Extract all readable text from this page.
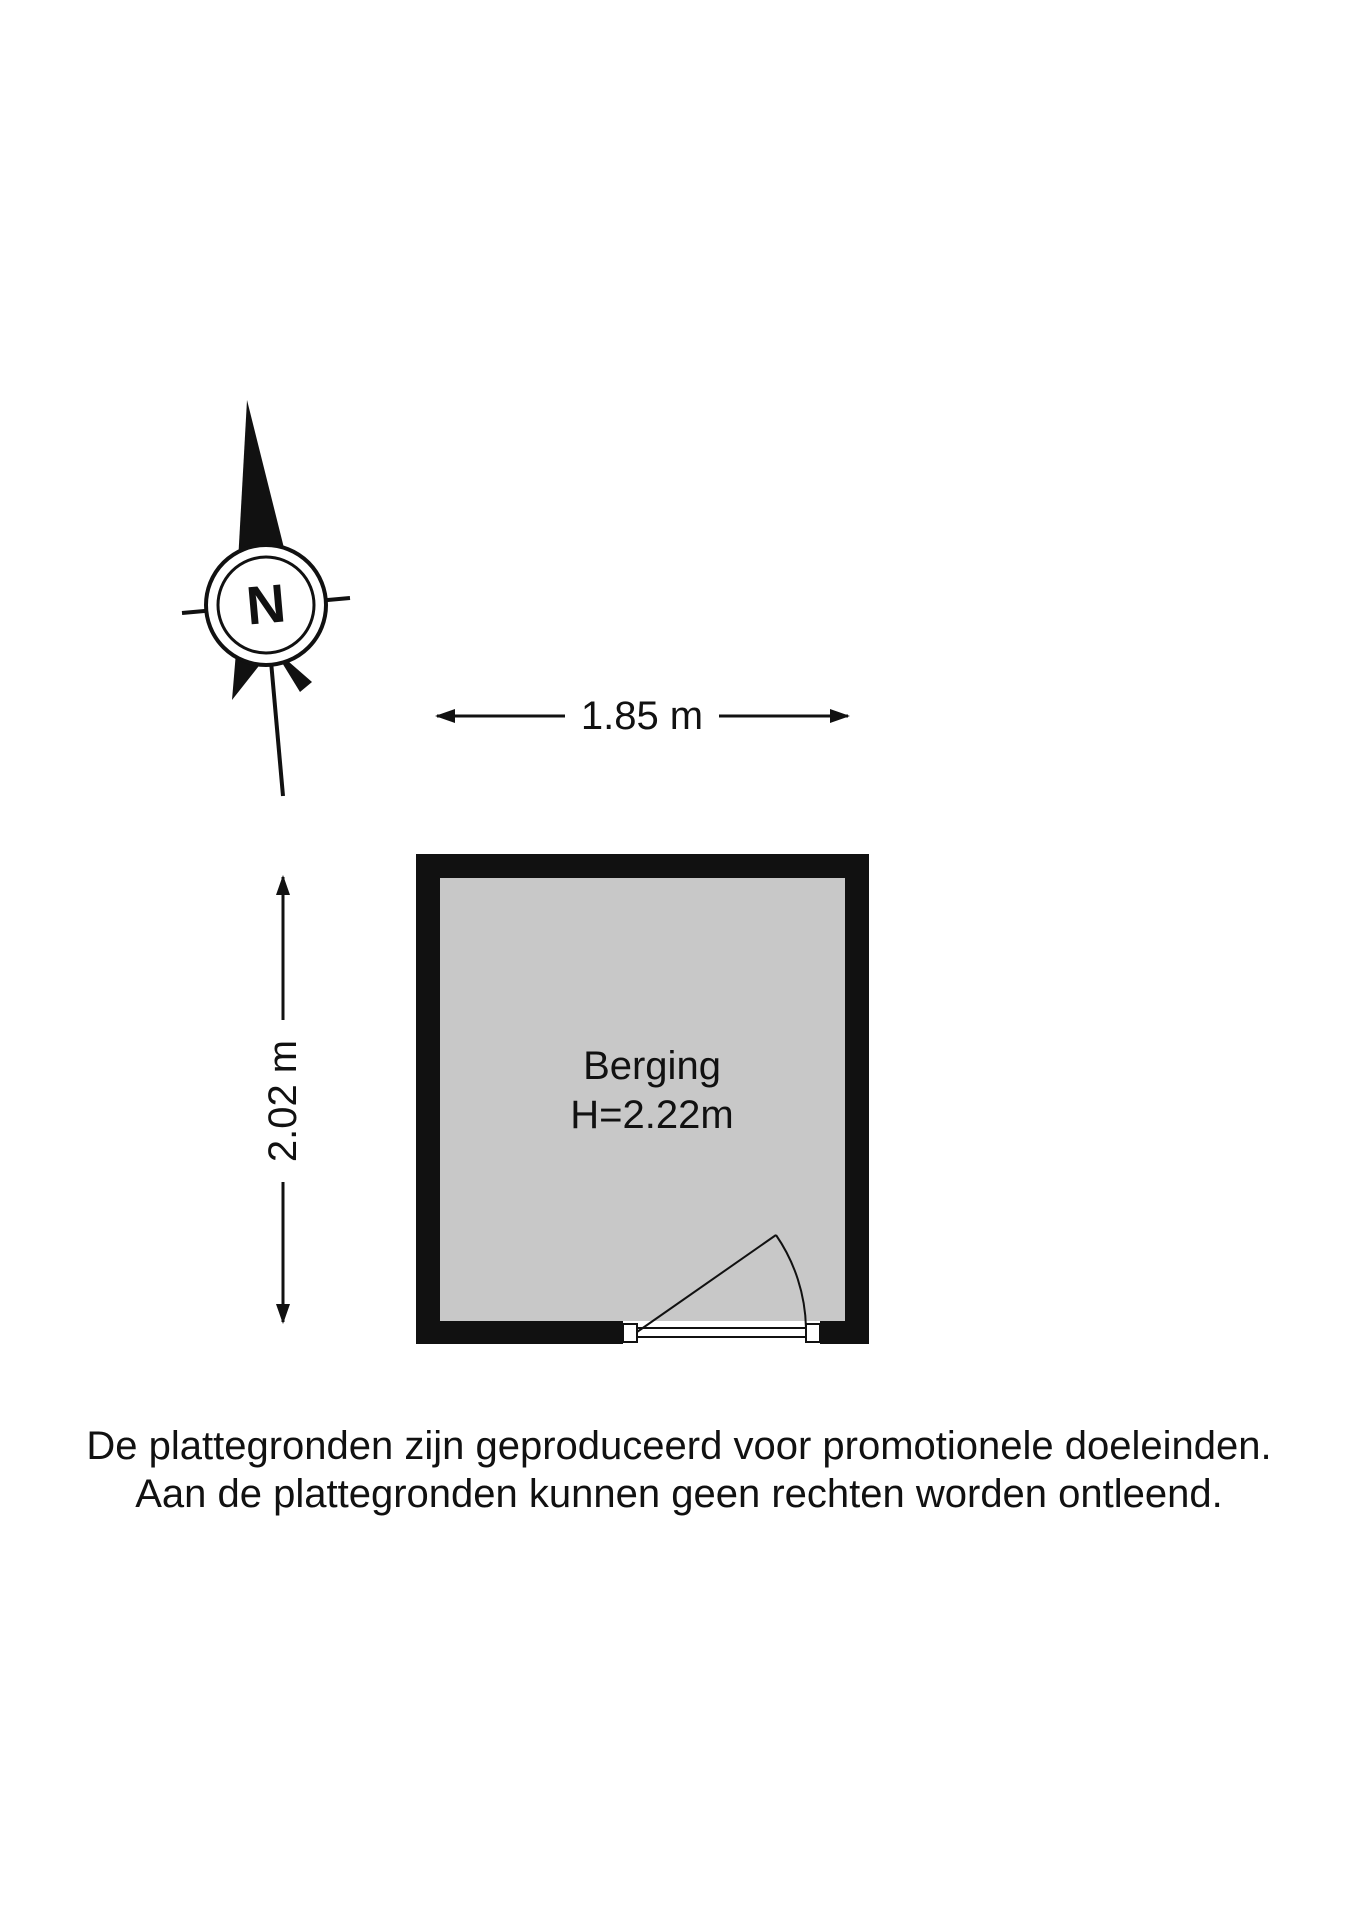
N
1.85 m
2.02 m	Berging
H=2.22m
De plattegronden zijn geproduceerd voor promotionele doeleinden.
Aan de plattegronden kunnen geen rechten worden ontleend.
